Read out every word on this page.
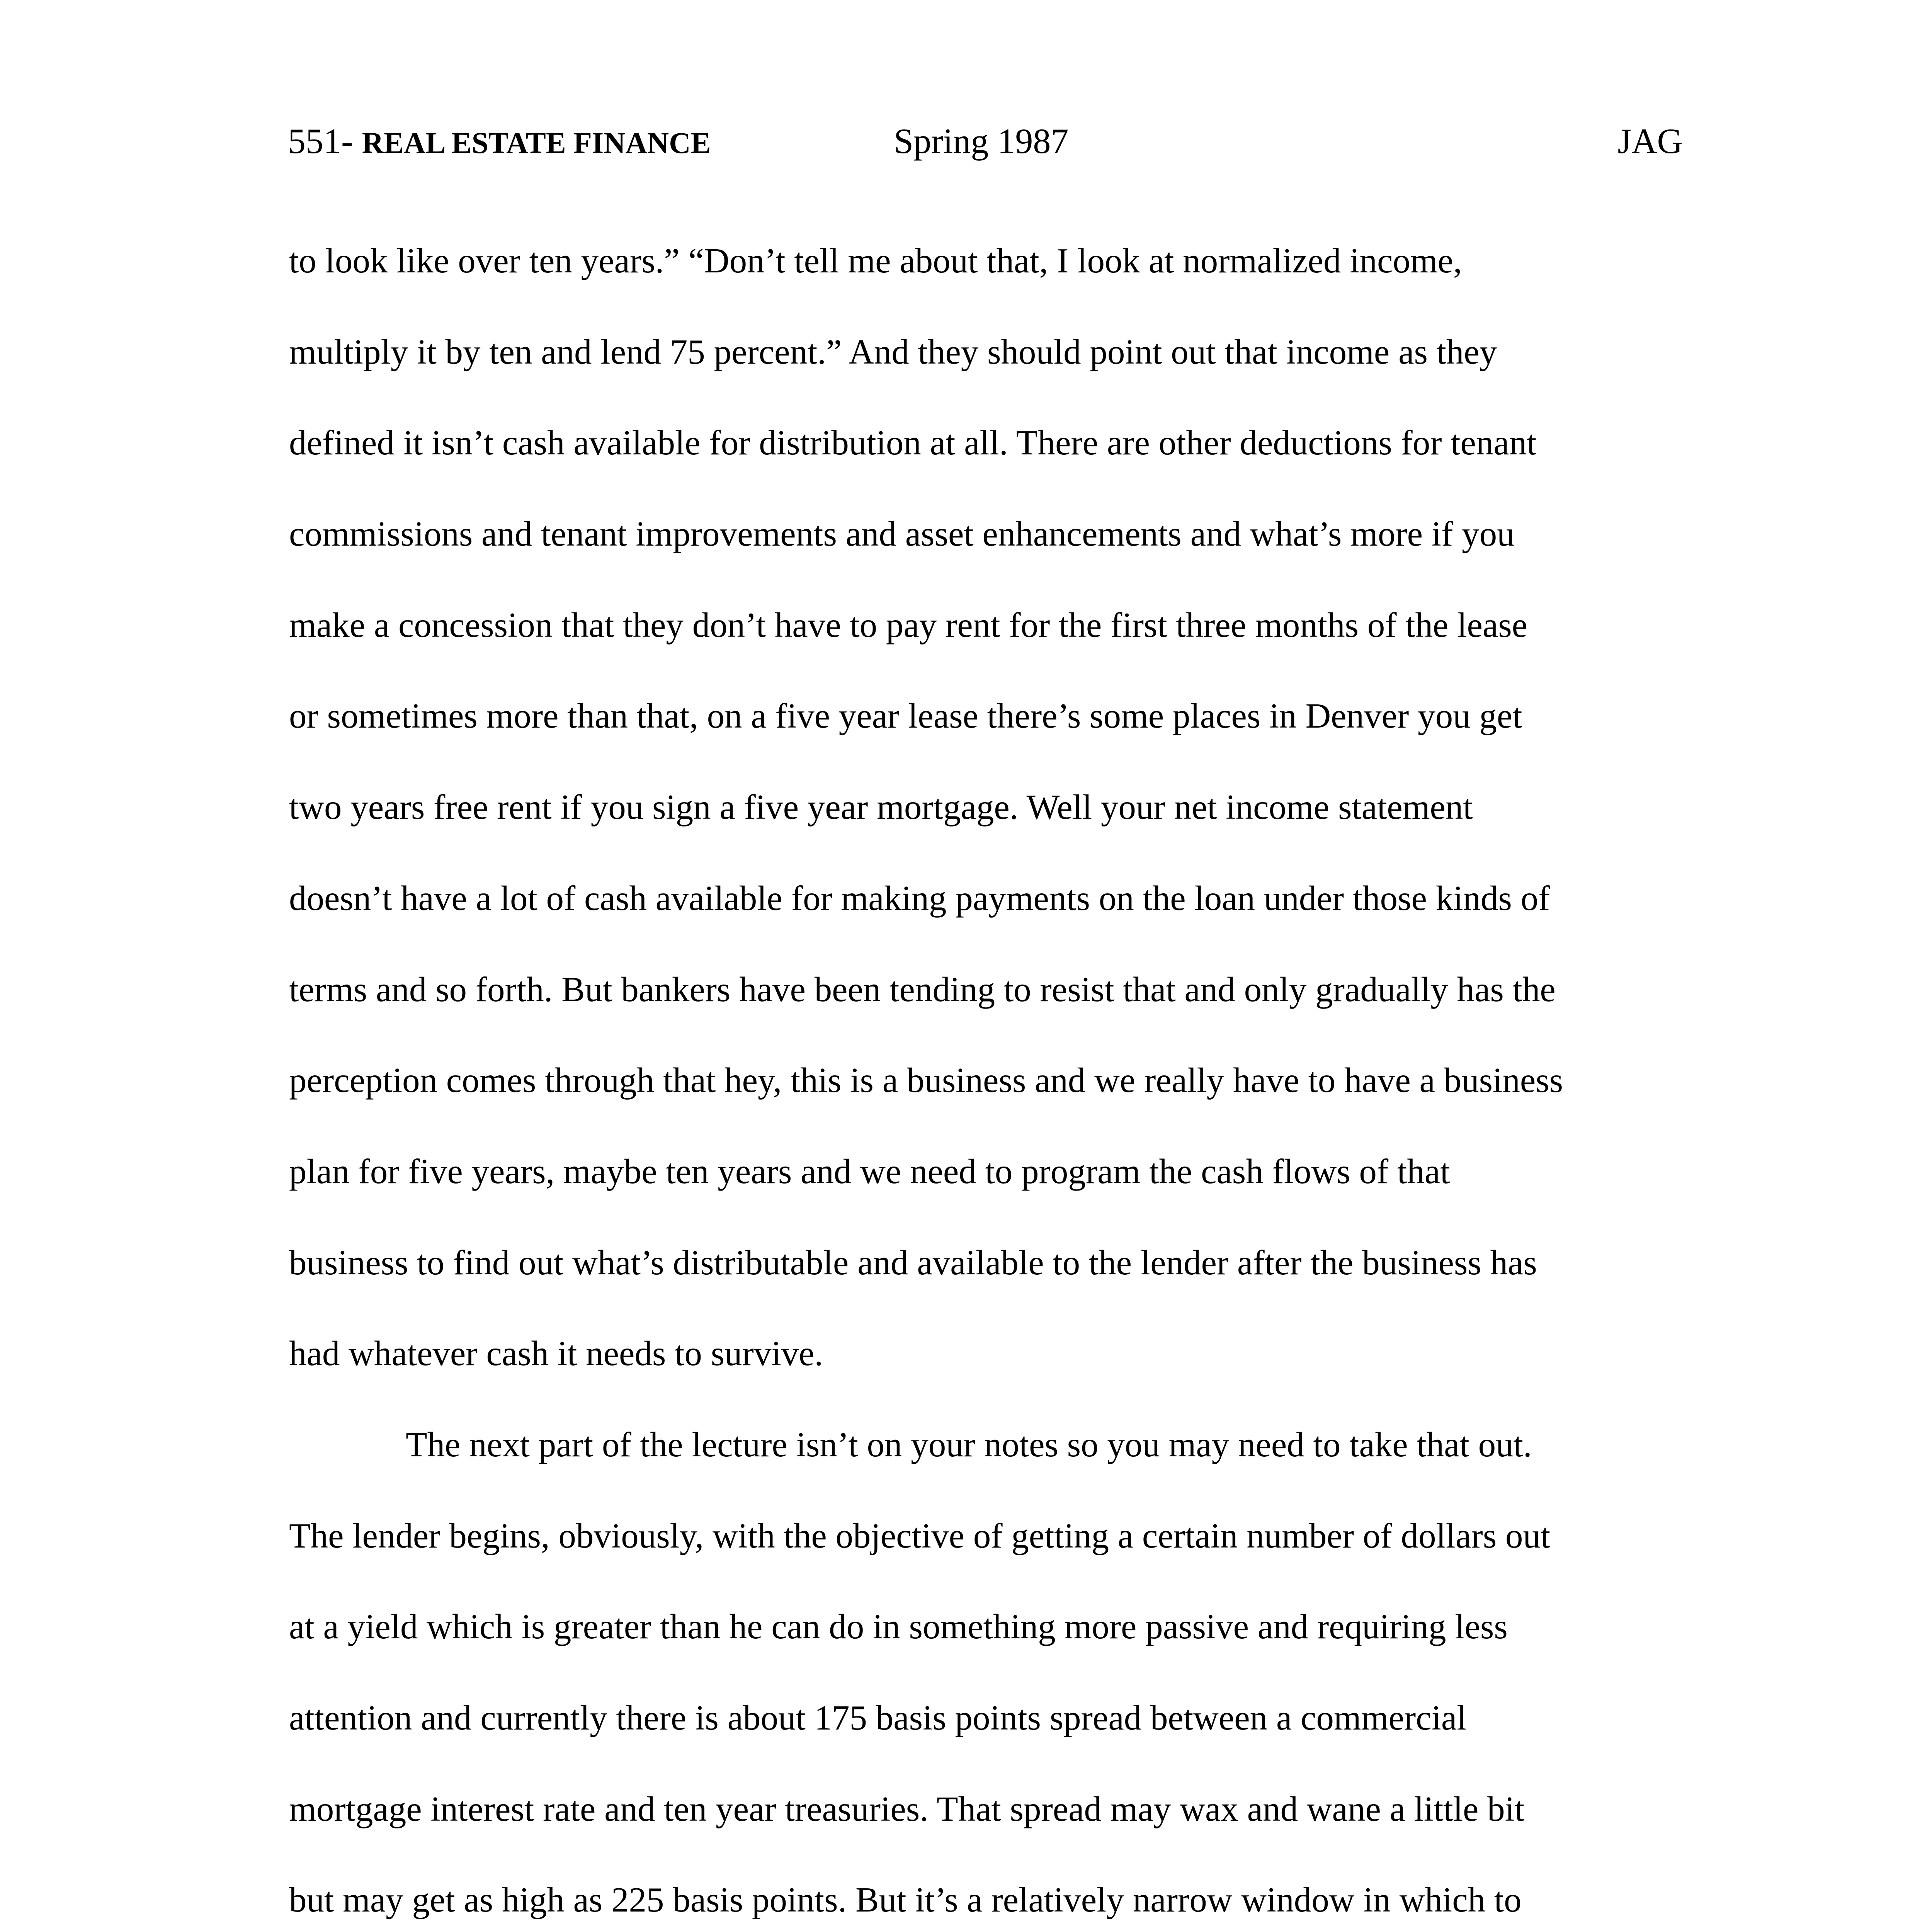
551- REAL ESTATE FINANCE	Spring 1987	JAG
to look like over ten years.” “Don’t tell me about that, I look at normalized income,
multiply it by ten and lend 75 percent.” And they should point out that income as they
defined it isn’t cash available for distribution at all. There are other deductions for tenant
commissions and tenant improvements and asset enhancements and what’s more if you
make a concession that they don’t have to pay rent for the first three months of the lease
or sometimes more than that, on a five year lease there’s some places in Denver you get
two years free rent if you sign a five year mortgage. Well your net income statement
doesn’t have a lot of cash available for making payments on the loan under those kinds of
terms and so forth. But bankers have been tending to resist that and only gradually has the
perception comes through that hey, this is a business and we really have to have a business
plan for five years, maybe ten years and we need to program the cash flows of that
business to find out what’s distributable and available to the lender after the business has
had whatever cash it needs to survive.
The next part of the lecture isn’t on your notes so you may need to take that out.
The lender begins, obviously, with the objective of getting a certain number of dollars out
at a yield which is greater than he can do in something more passive and requiring less
attention and currently there is about 175 basis points spread between a commercial
mortgage interest rate and ten year treasuries. That spread may wax and wane a little bit
but may get as high as 225 basis points. But it’s a relatively narrow window in which to
